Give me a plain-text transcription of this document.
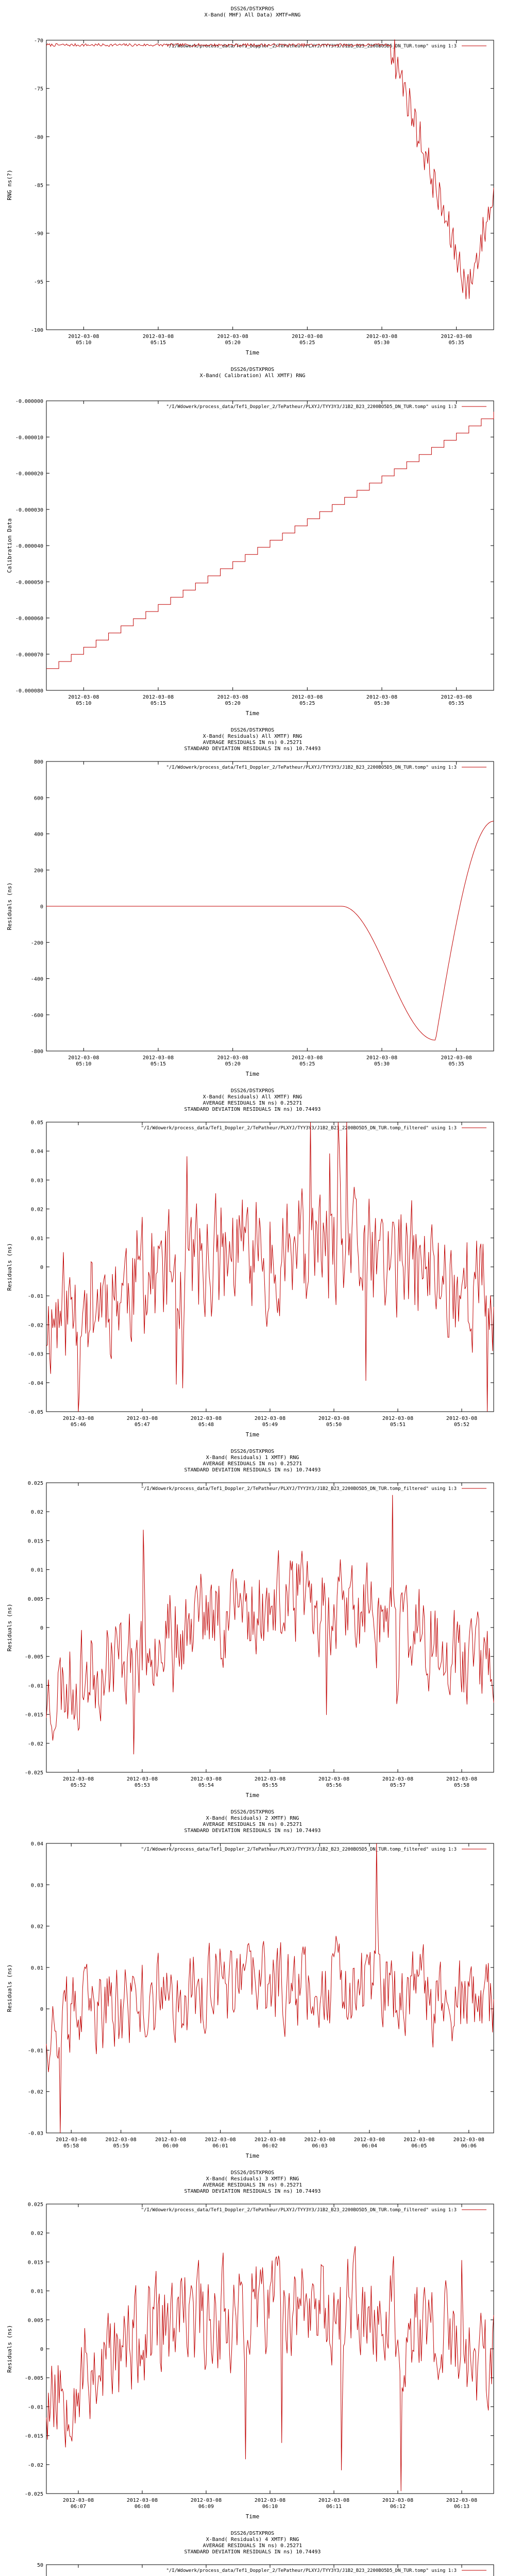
DSS26/DSTXPROS
X-Band( MHF) All Data) XMTF=RNG
"/I/Wdowerk/process_data/Tef1_Doppler_2/TePatheur/PLXYJ/TYY3Y3/J1B2_B23_2200BO5D5_DN_TUR.tomp" using 1:3
-70
-75
-80
-85
-90
-95
-100
2012-03-08
05:10
2012-03-08
05:15
2012-03-08
05:20
2012-03-08
05:25
2012-03-08
05:30
2012-03-08
05:35
Time
RNG ns(?)
DSS26/DSTXPROS
X-Band( Calibration) All XMTF) RNG
"/I/Wdowerk/process_data/Tef1_Doppler_2/TePatheur/PLXYJ/TYY3Y3/J1B2_B23_2200BO5D5_DN_TUR.tomp" using 1:3
-0.000000
-0.000010
-0.000020
-0.000030
-0.000040
-0.000050
-0.000060
-0.000070
-0.000080
2012-03-08
05:10
2012-03-08
05:15
2012-03-08
05:20
2012-03-08
05:25
2012-03-08
05:30
2012-03-08
05:35
Time
Calibration Data
DSS26/DSTXPROS
X-Band( Residuals) All XMTF) RNG
AVERAGE RESIDUALS IN ns) 0.25271
STANDARD DEVIATION RESIDUALS IN ns) 10.74493
"/I/Wdowerk/process_data/Tef1_Doppler_2/TePatheur/PLXYJ/TYY3Y3/J1B2_B23_2200BO5D5_DN_TUR.tomp" using 1:3
800
600
400
200
0
-200
-400
-600
-800
2012-03-08
05:10
2012-03-08
05:15
2012-03-08
05:20
2012-03-08
05:25
2012-03-08
05:30
2012-03-08
05:35
Time
Residuals (ns)
DSS26/DSTXPROS
X-Band( Residuals) All XMTF) RNG
AVERAGE RESIDUALS IN ns) 0.25271
STANDARD DEVIATION RESIDUALS IN ns) 10.74493
"/I/Wdowerk/process_data/Tef1_Doppler_2/TePatheur/PLXYJ/TYY3Y3/J1B2_B23_2200BO5D5_DN_TUR.tomp_filtered" using 1:3
0.05
0.04
0.03
0.02
0.01
0
-0.01
-0.02
-0.03
-0.04
-0.05
2012-03-08
05:46
2012-03-08
05:47
2012-03-08
05:48
2012-03-08
05:49
2012-03-08
05:50
2012-03-08
05:51
2012-03-08
05:52
Time
Residuals (ns)
DSS26/DSTXPROS
X-Band( Residuals) 1 XMTF) RNG
AVERAGE RESIDUALS IN ns) 0.25271
STANDARD DEVIATION RESIDUALS IN ns) 10.74493
"/I/Wdowerk/process_data/Tef1_Doppler_2/TePatheur/PLXYJ/TYY3Y3/J1B2_B23_2200BO5D5_DN_TUR.tomp_filtered" using 1:3
0.025
0.02
0.015
0.01
0.005
0
-0.005
-0.01
-0.015
-0.02
-0.025
2012-03-08
05:52
2012-03-08
05:53
2012-03-08
05:54
2012-03-08
05:55
2012-03-08
05:56
2012-03-08
05:57
2012-03-08
05:58
Time
Residuals (ns)
DSS26/DSTXPROS
X-Band( Residuals) 2 XMTF) RNG
AVERAGE RESIDUALS IN ns) 0.25271
STANDARD DEVIATION RESIDUALS IN ns) 10.74493
"/I/Wdowerk/process_data/Tef1_Doppler_2/TePatheur/PLXYJ/TYY3Y3/J1B2_B23_2200BO5D5_DN_TUR.tomp_filtered" using 1:3
0.04
0.03
0.02
0.01
0
-0.01
-0.02
-0.03
2012-03-08
05:58
2012-03-08
05:59
2012-03-08
06:00
2012-03-08
06:01
2012-03-08
06:02
2012-03-08
06:03
2012-03-08
06:04
2012-03-08
06:05
2012-03-08
06:06
Time
Residuals (ns)
DSS26/DSTXPROS
X-Band( Residuals) 3 XMTF) RNG
AVERAGE RESIDUALS IN ns) 0.25271
STANDARD DEVIATION RESIDUALS IN ns) 10.74493
"/I/Wdowerk/process_data/Tef1_Doppler_2/TePatheur/PLXYJ/TYY3Y3/J1B2_B23_2200BO5D5_DN_TUR.tomp_filtered" using 1:3
0.025
0.02
0.015
0.01
0.005
0
-0.005
-0.01
-0.015
-0.02
-0.025
2012-03-08
06:07
2012-03-08
06:08
2012-03-08
06:09
2012-03-08
06:10
2012-03-08
06:11
2012-03-08
06:12
2012-03-08
06:13
Time
Residuals (ns)
DSS26/DSTXPROS
X-Band( Residuals) 4 XMTF) RNG
AVERAGE RESIDUALS IN ns) 0.25271
STANDARD DEVIATION RESIDUALS IN ns) 10.74493
"/I/Wdowerk/process_data/Tef1_Doppler_2/TePatheur/PLXYJ/TYY3Y3/J1B2_B23_2200BO5D5_DN_TUR.tomp" using 1:3
50
